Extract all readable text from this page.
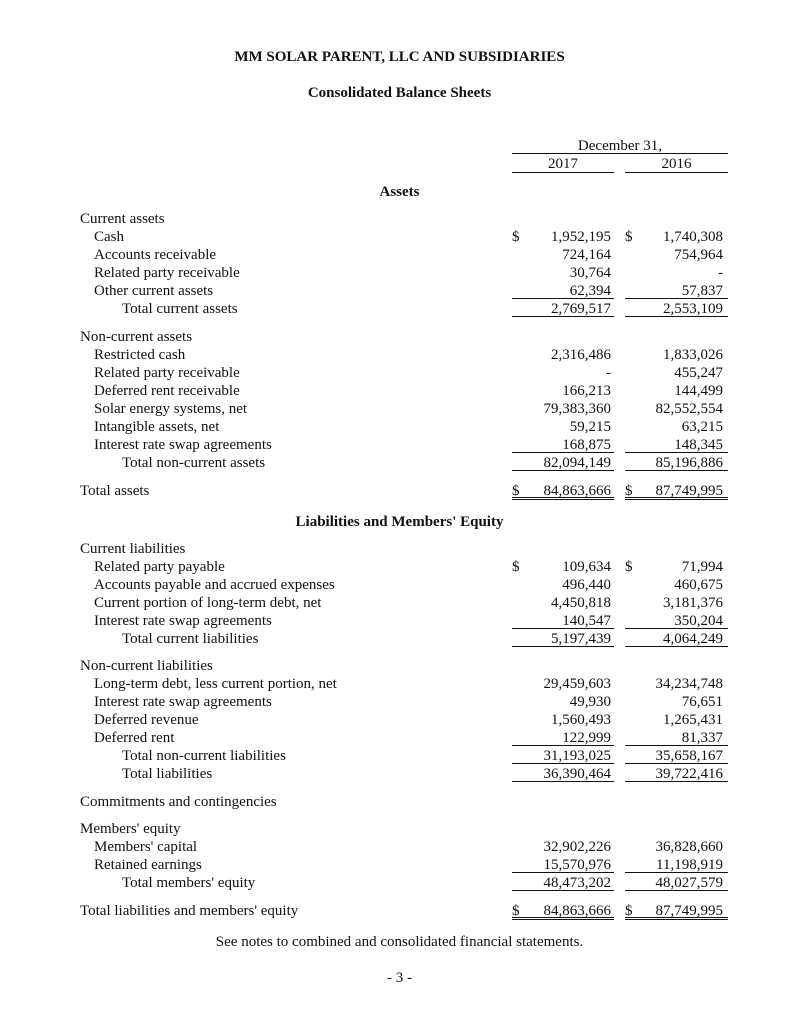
MM SOLAR PARENT, LLC AND SUBSIDIARIES
Consolidated Balance Sheets
December 31,
2017	2016
Assets
Current assets
Cash	$	1,952,195 $	1,740,308
Accounts receivable	724,164	754,964
Related party receivable	30,764	-
Other current assets	62,394	57,837
Total current assets	2,769,517	2,553,109
Non-current assets
Restricted cash	2,316,486	1,833,026
Related party receivable	-	455,247
Deferred rent receivable	166,213	144,499
Solar energy systems, net	79,383,360	82,552,554
Intangible assets, net	59,215	63,215
Interest rate swap agreements	168,875	148,345
Total non-current assets	82,094,149	85,196,886
Total assets	$	84,863,666 $	87,749,995
Liabilities and Members' Equity
Current liabilities
Related party payable	$	109,634 $	71,994
Accounts payable and accrued expenses	496,440	460,675
Current portion of long-term debt, net	4,450,818	3,181,376
Interest rate swap agreements	140,547	350,204
Total current liabilities	5,197,439	4,064,249
Non-current liabilities
Long-term debt, less current portion, net	29,459,603	34,234,748
Interest rate swap agreements	49,930	76,651
Deferred revenue	1,560,493	1,265,431
Deferred rent	122,999	81,337
Total non-current liabilities	31,193,025	35,658,167
Total liabilities	36,390,464	39,722,416
Commitments and contingencies
Members' equity
Members' capital	32,902,226	36,828,660
Retained earnings	15,570,976	11,198,919
Total members' equity	48,473,202	48,027,579
Total liabilities and members' equity	$	84,863,666 $	87,749,995
See notes to combined and consolidated financial statements.
- 3 -
